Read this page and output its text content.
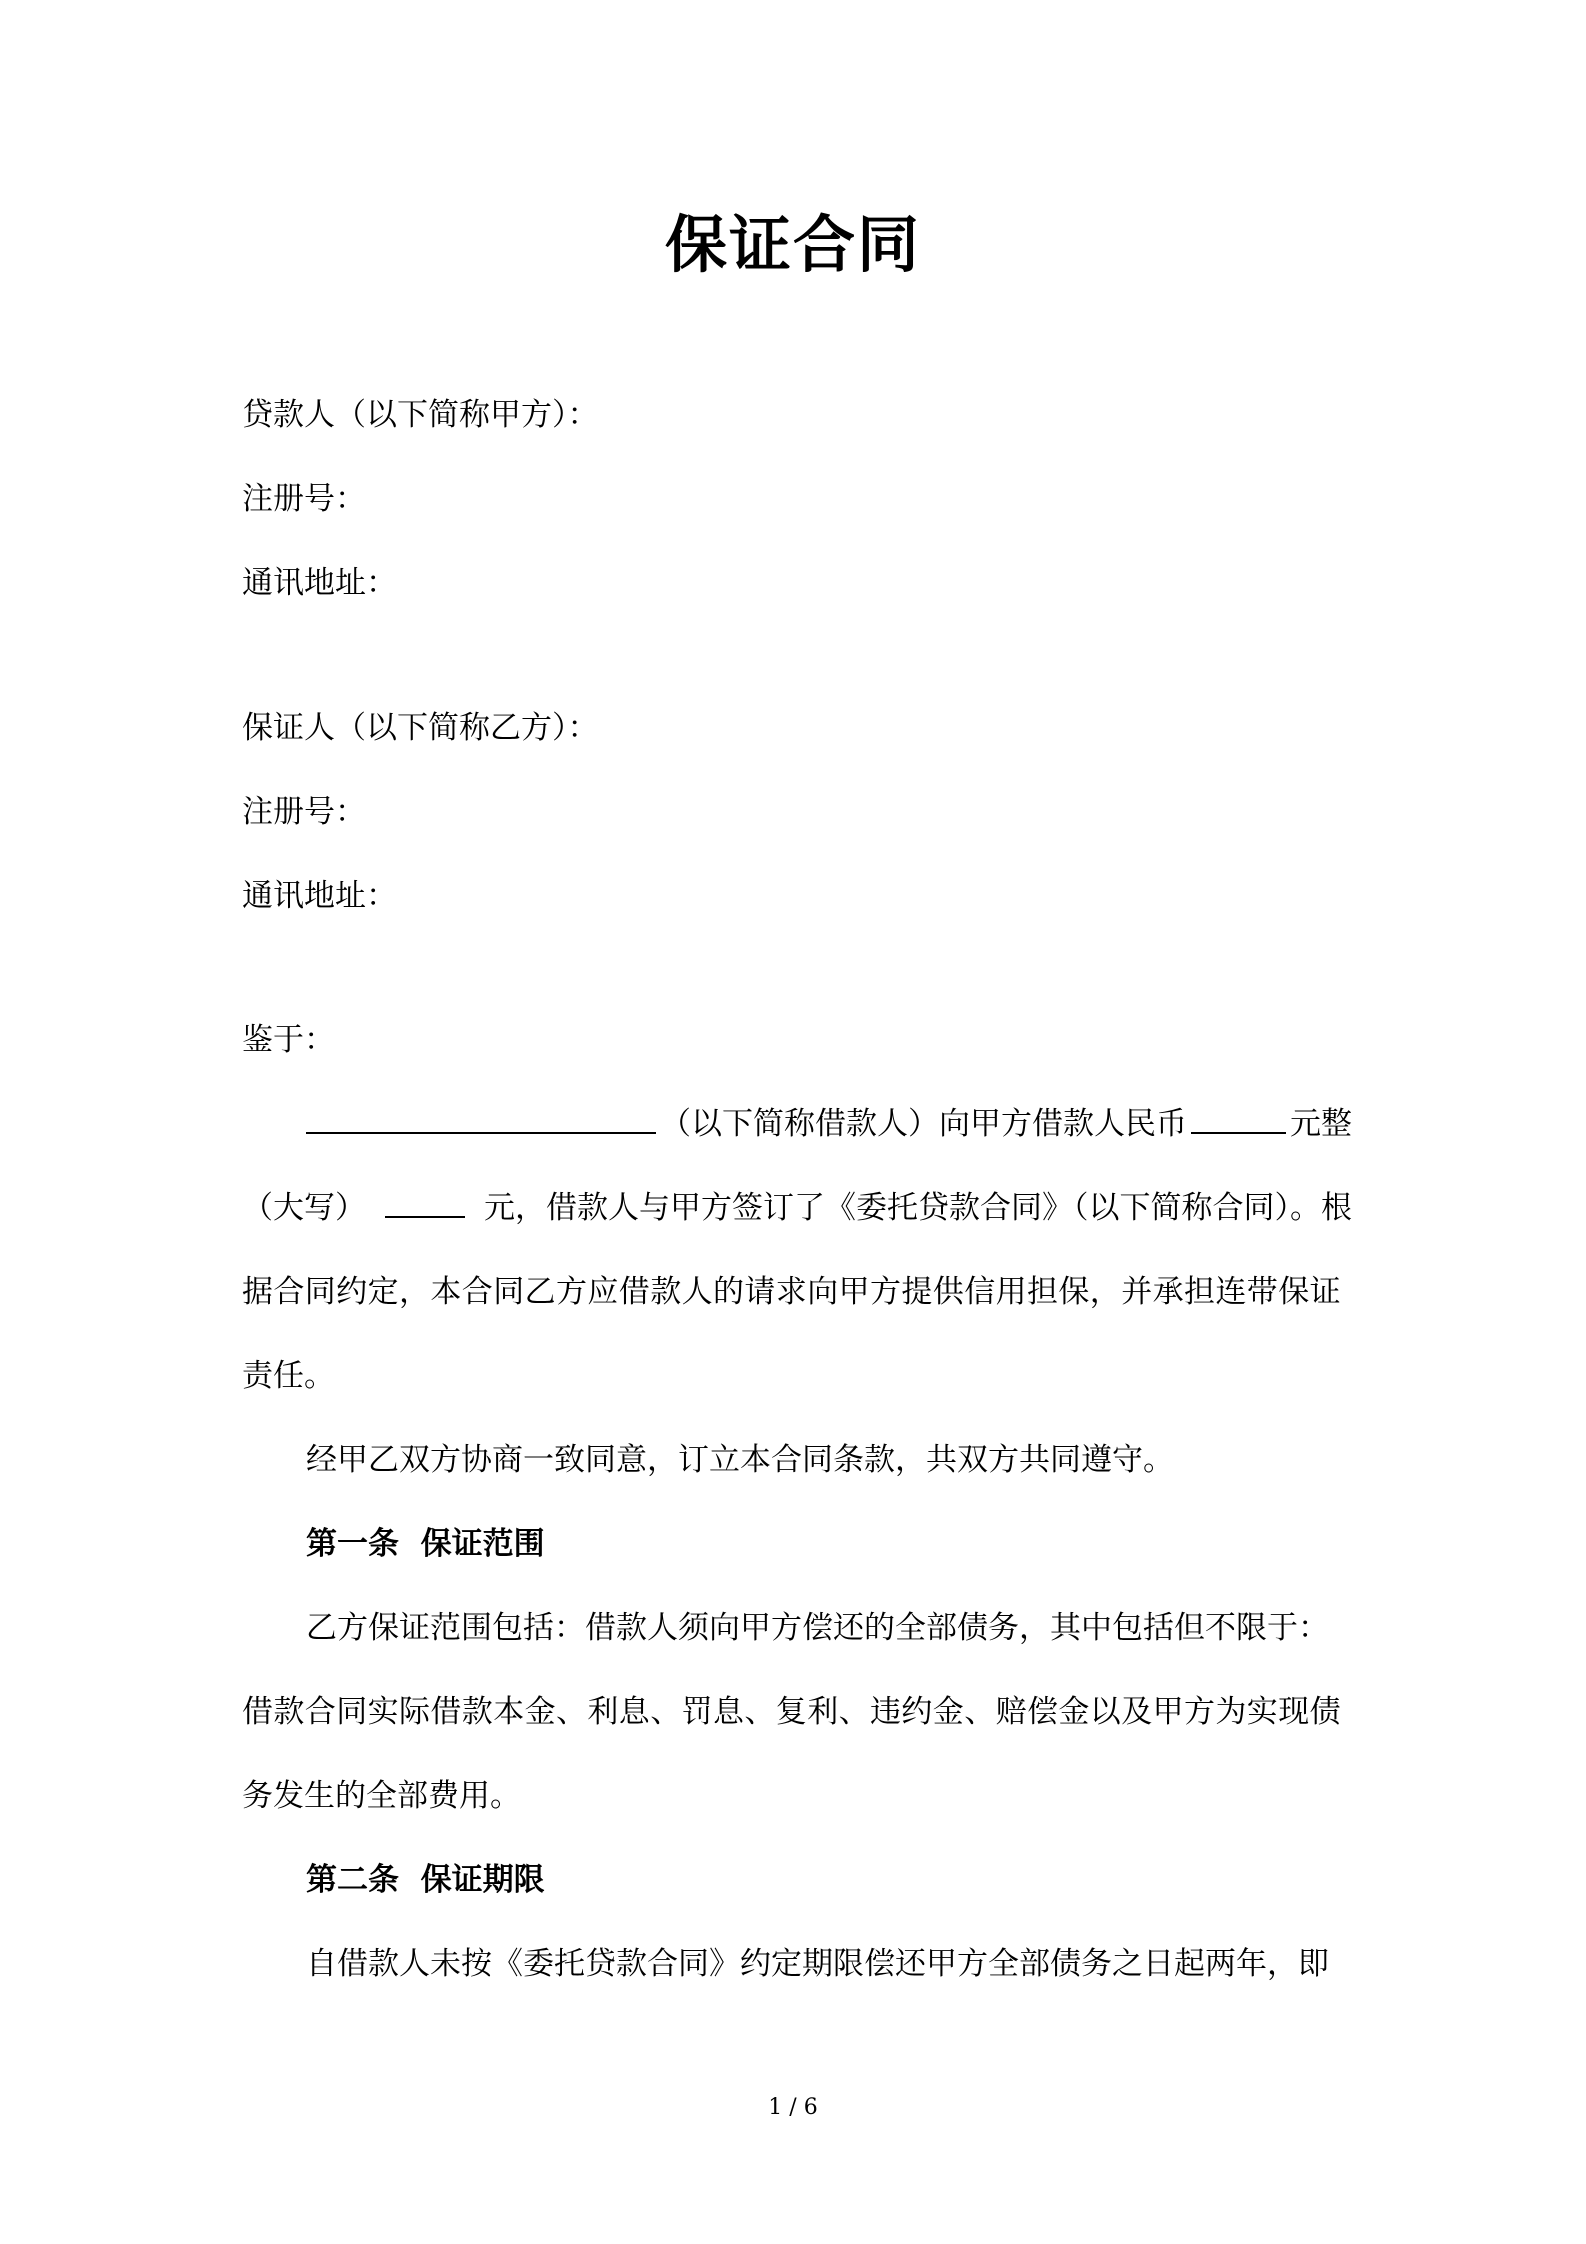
保证合同
贷款人（以下简称甲方）：
注册号：
通讯地址：
保证人（以下简称乙方）：
注册号：
通讯地址：
鉴于：
（以下简称借款人）向甲方借款人民币	元整
（大写）	元，借款人与甲方签订了《委托贷款合同》（以下简称合同）。根
据合同约定，本合同乙方应借款人的请求向甲方提供信用担保，并承担连带保证
责任。
经甲乙双方协商一致同意，订立本合同条款，共双方共同遵守。
第一条  保证范围
乙方保证范围包括：借款人须向甲方偿还的全部债务，其中包括但不限于：
借款合同实际借款本金、利息、罚息、复利、违约金、赔偿金以及甲方为实现债
务发生的全部费用。
第二条  保证期限
自借款人未按《委托贷款合同》约定期限偿还甲方全部债务之日起两年，即
1 / 6
